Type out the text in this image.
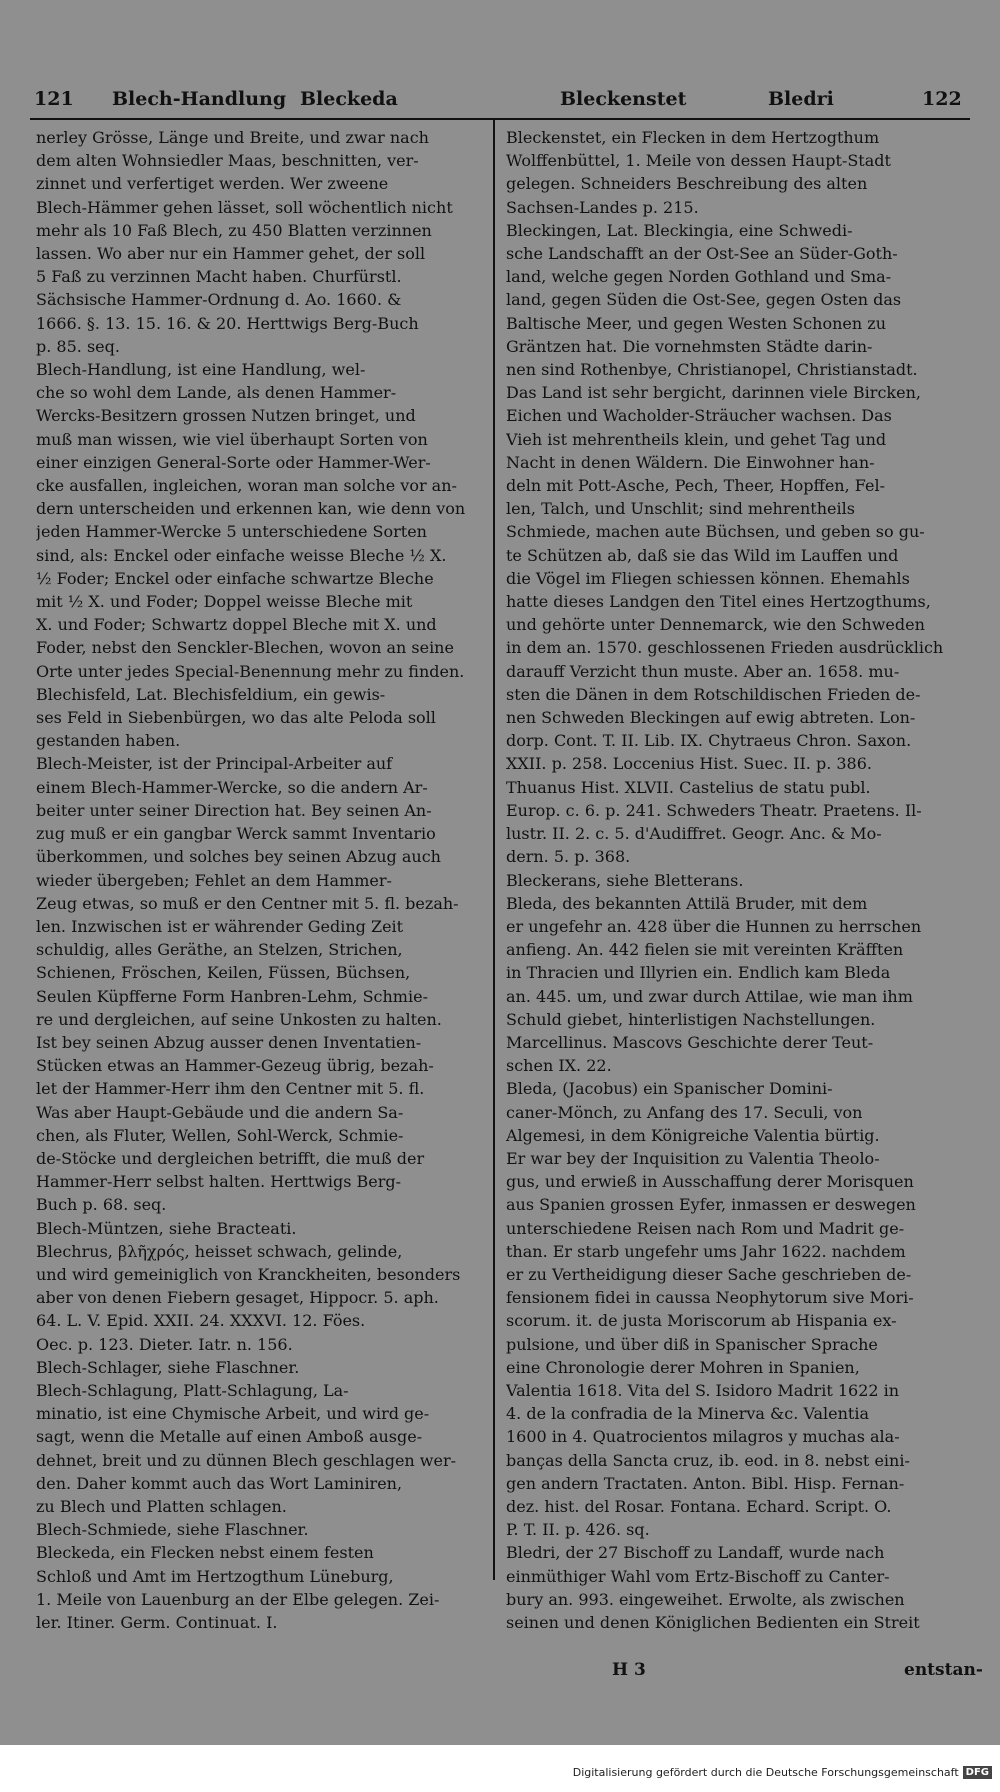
121 Blech-Handlung Bleckeda	Bleckenstet	Bledri	122

nerley Grösse, Länge und Breite, und zwar nach
dem alten Wohnsiedler Maas, beschnitten, ver-
zinnet und verfertiget werden. Wer zweene
Blech-Hämmer gehen lässet, soll wöchentlich nicht
mehr als 10 Faß Blech, zu 450 Blatten verzinnen
lassen. Wo aber nur ein Hammer gehet, der soll
5 Faß zu verzinnen Macht haben. Churfürstl.
Sächsische Hammer-Ordnung d. Ao. 1660. &
1666. §. 13. 15. 16. & 20. Herttwigs Berg-Buch
p. 85. seq.

Blech-Handlung, ist eine Handlung, wel-
che so wohl dem Lande, als denen Hammer-
Wercks-Besitzern grossen Nutzen bringet, und
muß man wissen, wie viel überhaupt Sorten von
einer einzigen General-Sorte oder Hammer-Wer-
cke ausfallen, ingleichen, woran man solche vor an-
dern unterscheiden und erkennen kan, wie denn von
jeden Hammer-Wercke 5 unterschiedene Sorten
sind, als: Enckel oder einfache weisse Bleche ½ X.
½ Foder; Enckel oder einfache schwartze Bleche
mit ½ X. und Foder; Doppel weisse Bleche mit
X. und Foder; Schwartz doppel Bleche mit X. und
Foder, nebst den Senckler-Blechen, wovon an seine
Orte unter jedes Special-Benennung mehr zu finden.

Blechisfeld, Lat. Blechisfeldium, ein gewis-
ses Feld in Siebenbürgen, wo das alte Peloda soll
gestanden haben.

Blech-Meister, ist der Principal-Arbeiter auf
einem Blech-Hammer-Wercke, so die andern Ar-
beiter unter seiner Direction hat. Bey seinen An-
zug muß er ein gangbar Werck sammt Inventario
überkommen, und solches bey seinen Abzug auch
wieder übergeben; Fehlet an dem Hammer-
Zeug etwas, so muß er den Centner mit 5. fl. bezah-
len. Inzwischen ist er währender Geding Zeit
schuldig, alles Geräthe, an Stelzen, Strichen,
Schienen, Fröschen, Keilen, Füssen, Büchsen,
Seulen Küpfferne Form Hanbren-Lehm, Schmie-
re und dergleichen, auf seine Unkosten zu halten.
Ist bey seinen Abzug ausser denen Inventatien-
Stücken etwas an Hammer-Gezeug übrig, bezah-
let der Hammer-Herr ihm den Centner mit 5. fl.
Was aber Haupt-Gebäude und die andern Sa-
chen, als Fluter, Wellen, Sohl-Werck, Schmie-
de-Stöcke und dergleichen betrifft, die muß der
Hammer-Herr selbst halten. Herttwigs Berg-
Buch p. 68. seq.

Blech-Müntzen, siehe Bracteati.

Blechrus, βλῆχρός, heisset schwach, gelinde,
und wird gemeiniglich von Kranckheiten, besonders
aber von denen Fiebern gesaget, Hippocr. 5. aph.
64. L. V. Epid. XXII. 24. XXXVI. 12. Föes.
Oec. p. 123. Dieter. Iatr. n. 156.

Blech-Schlager, siehe Flaschner.

Blech-Schlagung, Platt-Schlagung, La-
minatio, ist eine Chymische Arbeit, und wird ge-
sagt, wenn die Metalle auf einen Amboß ausge-
dehnet, breit und zu dünnen Blech geschlagen wer-
den. Daher kommt auch das Wort Laminiren,
zu Blech und Platten schlagen.

Blech-Schmiede, siehe Flaschner.

Bleckeda, ein Flecken nebst einem festen
Schloß und Amt im Hertzogthum Lüneburg,
1. Meile von Lauenburg an der Elbe gelegen. Zei-
ler. Itiner. Germ. Continuat. I.

Bleckenstet, ein Flecken in dem Hertzogthum
Wolffenbüttel, 1. Meile von dessen Haupt-Stadt
gelegen. Schneiders Beschreibung des alten
Sachsen-Landes p. 215.

Bleckingen, Lat. Bleckingia, eine Schwedi-
sche Landschafft an der Ost-See an Süder-Goth-
land, welche gegen Norden Gothland und Sma-
land, gegen Süden die Ost-See, gegen Osten das
Baltische Meer, und gegen Westen Schonen zu
Gräntzen hat. Die vornehmsten Städte darin-
nen sind Rothenbye, Christianopel, Christianstadt.
Das Land ist sehr bergicht, darinnen viele Bircken,
Eichen und Wacholder-Sträucher wachsen. Das
Vieh ist mehrentheils klein, und gehet Tag und
Nacht in denen Wäldern. Die Einwohner han-
deln mit Pott-Asche, Pech, Theer, Hopffen, Fel-
len, Talch, und Unschlit; sind mehrentheils
Schmiede, machen aute Büchsen, und geben so gu-
te Schützen ab, daß sie das Wild im Lauffen und
die Vögel im Fliegen schiessen können. Ehemahls
hatte dieses Landgen den Titel eines Hertzogthums,
und gehörte unter Dennemarck, wie den Schweden
in dem an. 1570. geschlossenen Frieden ausdrücklich
darauff Verzicht thun muste. Aber an. 1658. mu-
sten die Dänen in dem Rotschildischen Frieden de-
nen Schweden Bleckingen auf ewig abtreten. Lon-
dorp. Cont. T. II. Lib. IX. Chytraeus Chron. Saxon.
XXII. p. 258. Loccenius Hist. Suec. II. p. 386.
Thuanus Hist. XLVII. Castelius de statu publ.
Europ. c. 6. p. 241. Schweders Theatr. Praetens. Il-
lustr. II. 2. c. 5. d'Audiffret. Geogr. Anc. & Mo-
dern. 5. p. 368.

Bleckerans, siehe Bletterans.

Bleda, des bekannten Attilä Bruder, mit dem
er ungefehr an. 428 über die Hunnen zu herrschen
anfieng. An. 442 fielen sie mit vereinten Kräfften
in Thracien und Illyrien ein. Endlich kam Bleda
an. 445. um, und zwar durch Attilae, wie man ihm
Schuld giebet, hinterlistigen Nachstellungen.
Marcellinus. Mascovs Geschichte derer Teut-
schen IX. 22.

Bleda, (Jacobus) ein Spanischer Domini-
caner-Mönch, zu Anfang des 17. Seculi, von
Algemesi, in dem Königreiche Valentia bürtig.
Er war bey der Inquisition zu Valentia Theolo-
gus, und erwieß in Ausschaffung derer Morisquen
aus Spanien grossen Eyfer, inmassen er deswegen
unterschiedene Reisen nach Rom und Madrit ge-
than. Er starb ungefehr ums Jahr 1622. nachdem
er zu Vertheidigung dieser Sache geschrieben de-
fensionem fidei in caussa Neophytorum sive Mori-
scorum. it. de justa Moriscorum ab Hispania ex-
pulsione, und über diß in Spanischer Sprache
eine Chronologie derer Mohren in Spanien,
Valentia 1618. Vita del S. Isidoro Madrit 1622 in
4. de la confradia de la Minerva &c. Valentia
1600 in 4. Quatrocientos milagros y muchas ala-
banças della Sancta cruz, ib. eod. in 8. nebst eini-
gen andern Tractaten. Anton. Bibl. Hisp. Fernan-
dez. hist. del Rosar. Fontana. Echard. Script. O.
P. T. II. p. 426. sq.

Bledri, der 27 Bischoff zu Landaff, wurde nach
einmüthiger Wahl vom Ertz-Bischoff zu Canter-
bury an. 993. eingeweihet. Erwolte, als zwischen
seinen und denen Königlichen Bedienten ein Streit

H 3	entstan-
Digitalisierung gefördert durch die Deutsche Forschungsgemeinschaft DFG
